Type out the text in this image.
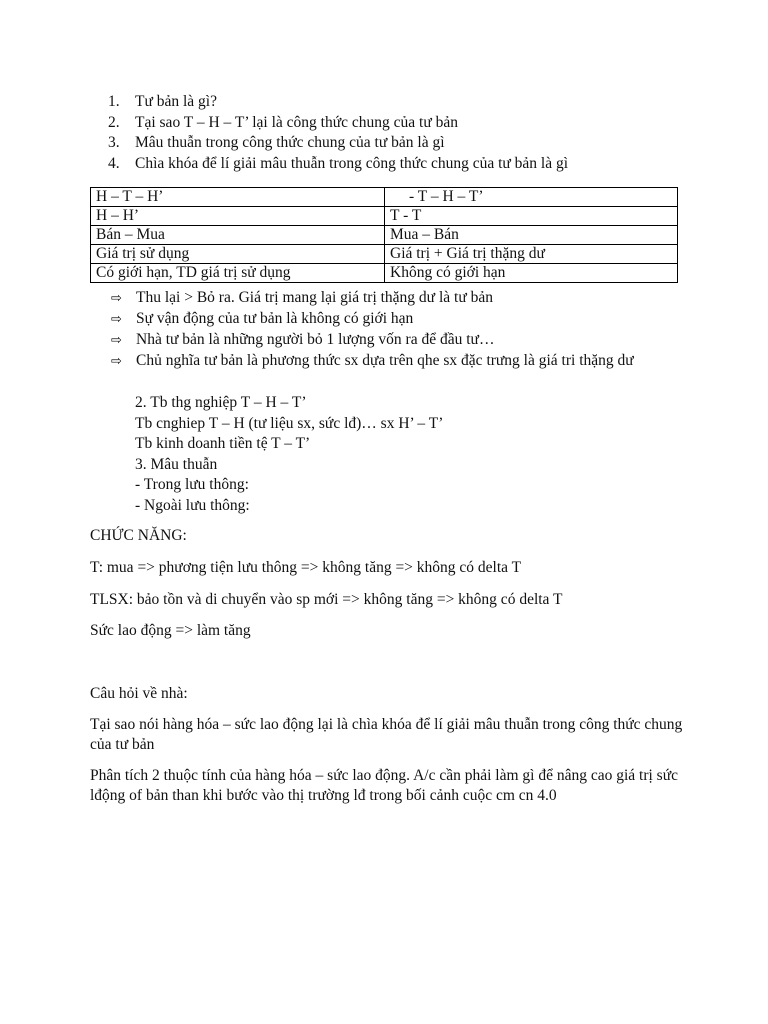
1. Tư bản là gì?
2. Tại sao T – H – T’ lại là công thức chung của tư bản
3. Mâu thuẫn trong công thức chung của tư bản là gì
4. Chìa khóa để lí giải mâu thuẫn trong công thức chung của tư bản là gì
H – T – H’	- T – H – T’
H – H’	T - T
Bán – Mua	Mua – Bán
Giá trị sử dụng	Giá trị + Giá trị thặng dư
Có giới hạn, TD giá trị sử dụng	Không có giới hạn
⇨ Thu lại > Bỏ ra. Giá trị mang lại giá trị thặng dư là tư bản
⇨ Sự vận động của tư bản là không có giới hạn
⇨ Nhà tư bản là những người bỏ 1 lượng vốn ra để đầu tư…
⇨ Chủ nghĩa tư bản là phương thức sx dựa trên qhe sx đặc trưng là giá tri thặng dư
2. Tb thg nghiệp T – H – T’
Tb cnghiep T – H (tư liệu sx, sức lđ)… sx H’ – T’
Tb kinh doanh tiền tệ T – T’
3. Mâu thuẫn
- Trong lưu thông:
- Ngoài lưu thông:
CHỨC NĂNG:
T: mua => phương tiện lưu thông => không tăng => không có delta T
TLSX: bảo tồn và di chuyển vào sp mới => không tăng => không có delta T
Sức lao động => làm tăng
Câu hỏi về nhà:
Tại sao nói hàng hóa – sức lao động lại là chìa khóa để lí giải mâu thuẫn trong công thức chung của tư bản
Phân tích 2 thuộc tính của hàng hóa – sức lao động. A/c cần phải làm gì để nâng cao giá trị sức lđộng of bản than khi bước vào thị trường lđ trong bối cảnh cuộc cm cn 4.0
